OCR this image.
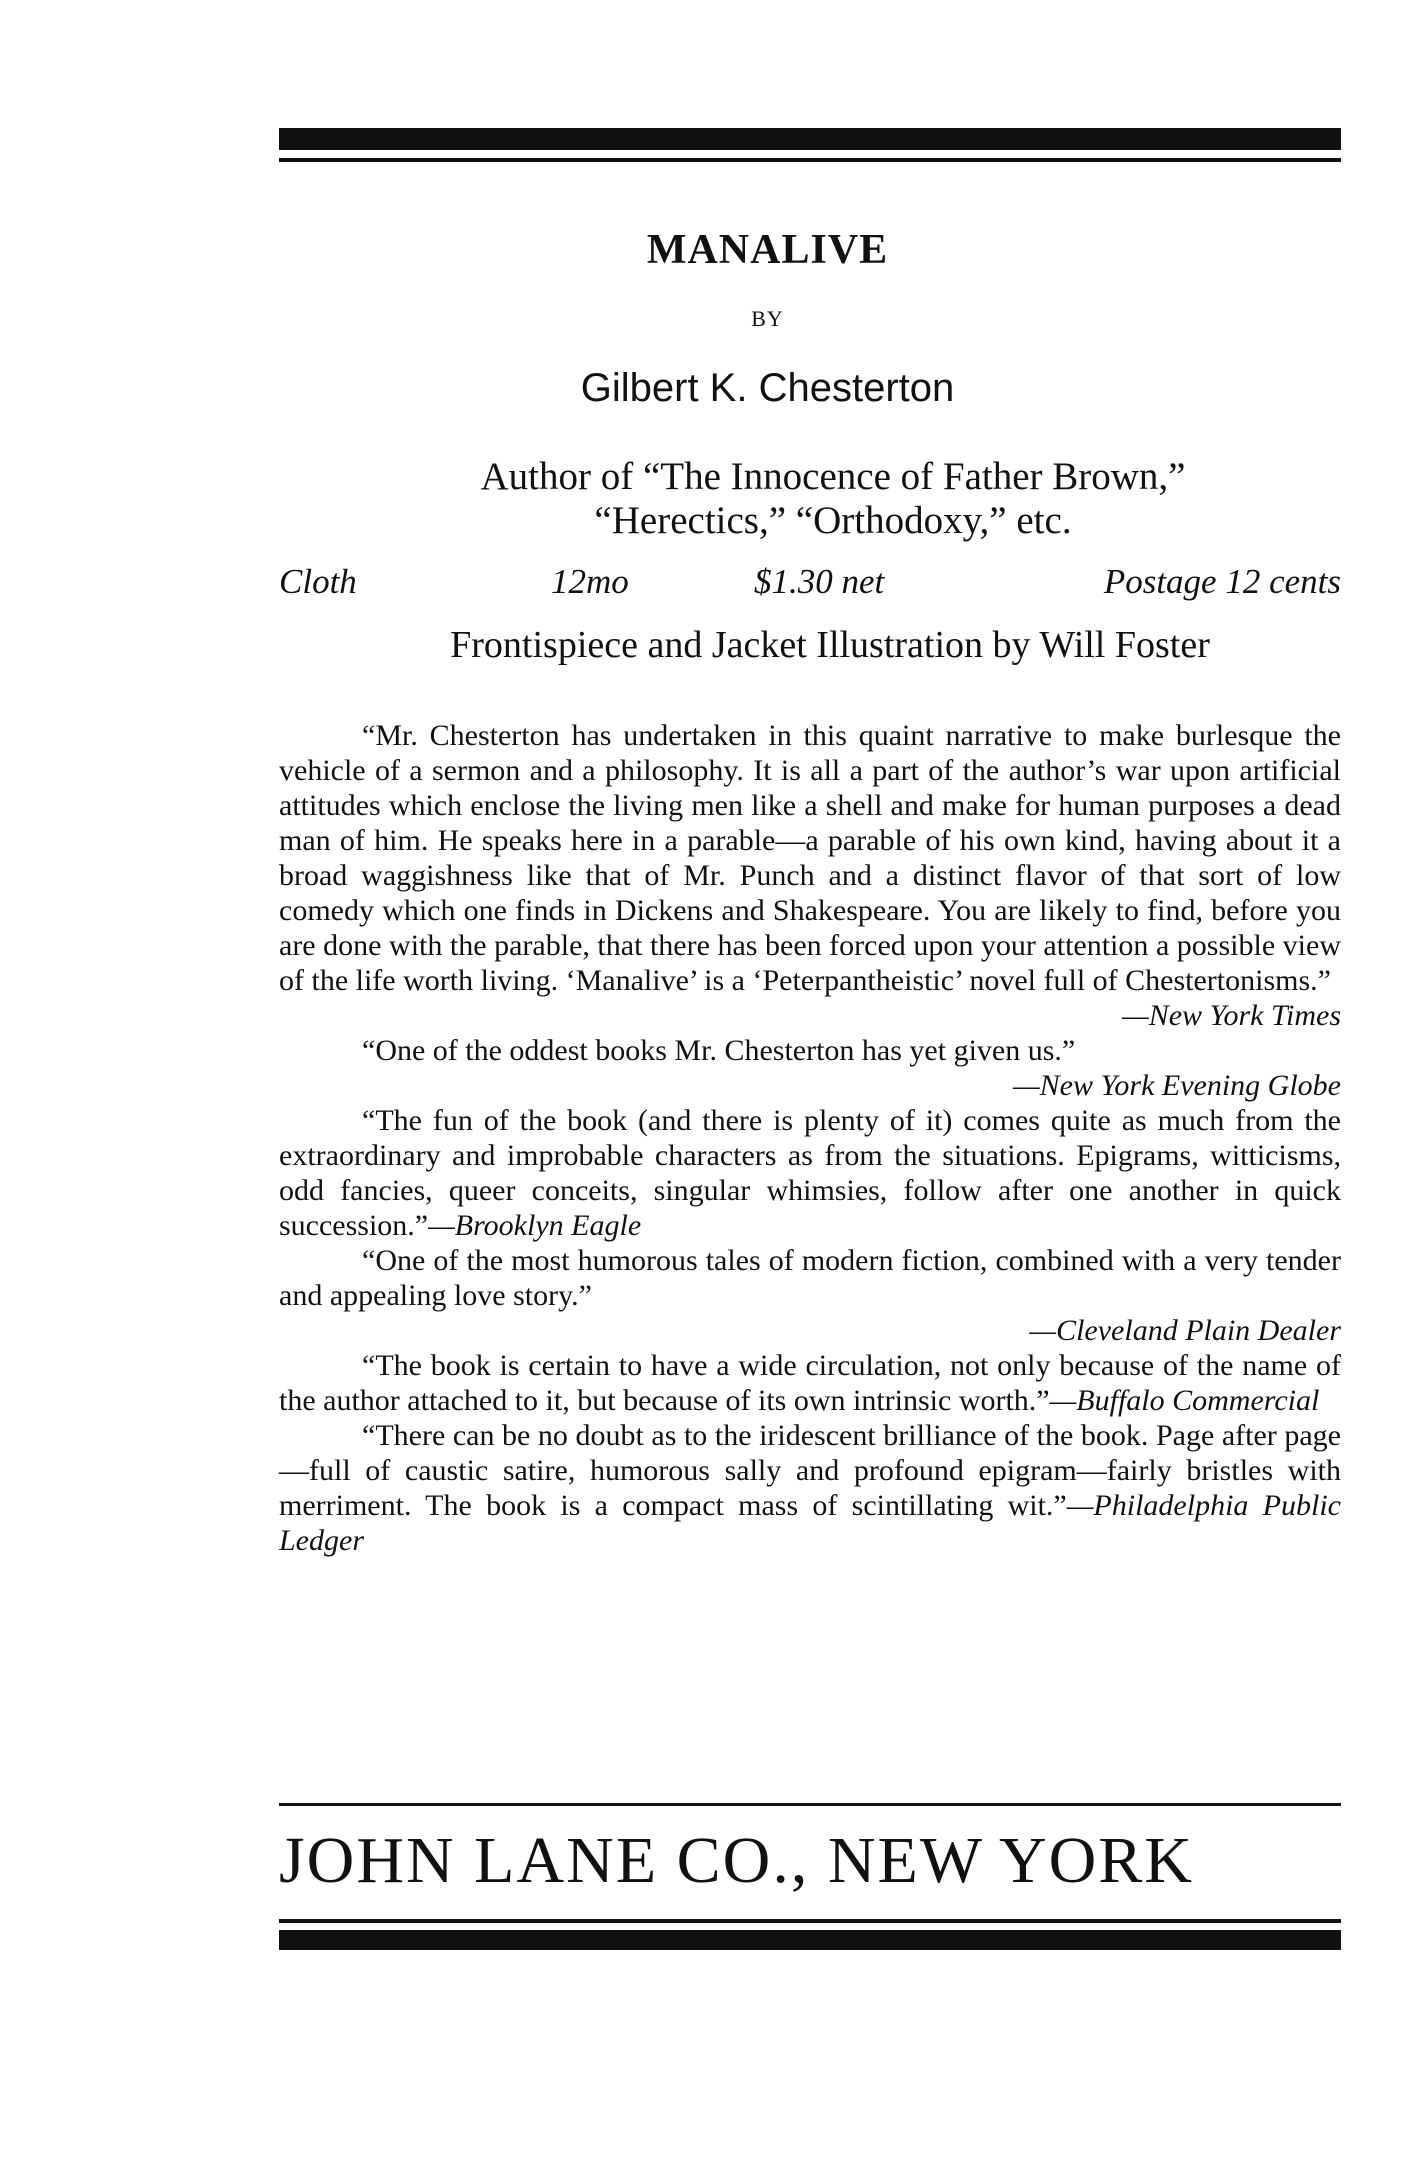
MANALIVE
BY
Gilbert K. Chesterton
Author of “The Innocence of Father Brown,”
“Herectics,” “Orthodoxy,” etc.
Cloth	12mo	$1.30 net	Postage 12 cents
Frontispiece and Jacket Illustration by Will Foster

“Mr. Chesterton has undertaken in this quaint narrative to make burlesque the vehicle of a sermon and a philosophy. It is all a part of the author’s war upon artificial attitudes which enclose the living men like a shell and make for human purposes a dead man of him. He speaks here in a parable—a parable of his own kind, having about it a broad waggishness like that of Mr. Punch and a distinct flavor of that sort of low comedy which one finds in Dickens and Shakespeare. You are likely to find, before you are done with the parable, that there has been forced upon your attention a possible view of the life worth living. ‘Manalive’ is a ‘Peterpantheistic’ novel full of Chestertonisms.”

—New York Times

“One of the oddest books Mr. Chesterton has yet given us.”

—New York Evening Globe

“The fun of the book (and there is plenty of it) comes quite as much from the extraordinary and improbable characters as from the situations. Epigrams, witticisms, odd fancies, queer conceits, singular whimsies, follow after one another in quick succession.”—Brooklyn Eagle

“One of the most humorous tales of modern fiction, combined with a very tender and appealing love story.”

—Cleveland Plain Dealer

“The book is certain to have a wide circulation, not only because of the name of the author attached to it, but because of its own intrinsic worth.”—Buffalo Commercial

“There can be no doubt as to the iridescent brilliance of the book. Page after page—full of caustic satire, humorous sally and profound epigram—fairly bristles with merriment. The book is a compact mass of scintillating wit.”—Philadelphia Public Ledger

JOHN LANE CO., NEW YORK
